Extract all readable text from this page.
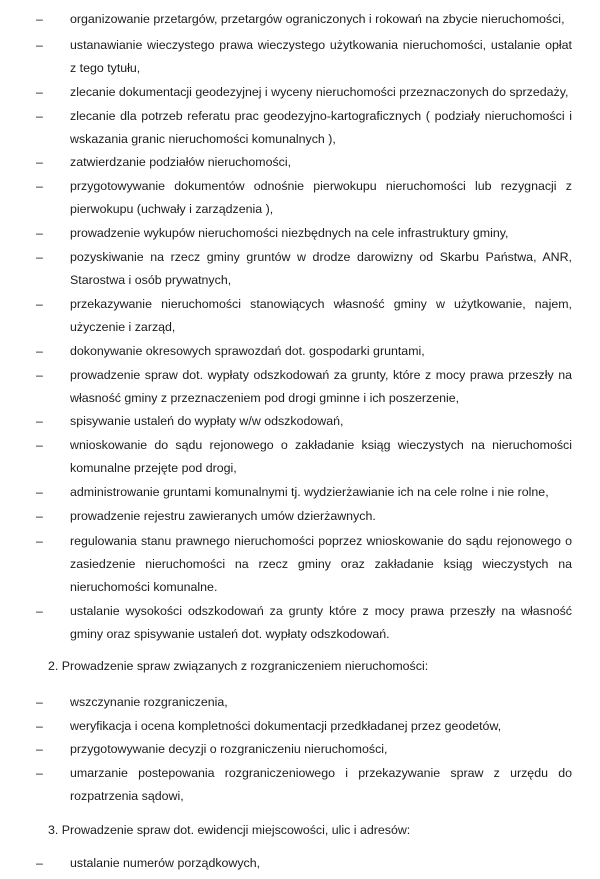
– organizowanie przetargów, przetargów ograniczonych i rokowań na zbycie nieruchomości,
– ustanawianie wieczystego prawa wieczystego użytkowania nieruchomości, ustalanie opłat z tego tytułu,
– zlecanie dokumentacji geodezyjnej i wyceny nieruchomości przeznaczonych do sprzedaży,
– zlecanie dla potrzeb referatu prac geodezyjno-kartograficznych ( podziały nieruchomości i wskazania granic nieruchomości komunalnych ),
– zatwierdzanie podziałów nieruchomości,
– przygotowywanie dokumentów odnośnie pierwokupu nieruchomości lub rezygnacji z pierwokupu (uchwały i zarządzenia ),
– prowadzenie wykupów nieruchomości niezbędnych na cele infrastruktury gminy,
– pozyskiwanie na rzecz gminy gruntów w drodze darowizny od Skarbu Państwa, ANR, Starostwa i osób prywatnych,
– przekazywanie nieruchomości stanowiących własność gminy w użytkowanie, najem, użyczenie i zarząd,
– dokonywanie okresowych sprawozdań dot. gospodarki gruntami,
– prowadzenie spraw dot. wypłaty odszkodowań za grunty, które z mocy prawa przeszły na własność gminy z przeznaczeniem pod drogi gminne i ich poszerzenie,
– spisywanie ustaleń do wypłaty w/w odszkodowań,
– wnioskowanie do sądu rejonowego o zakładanie ksiąg wieczystych na nieruchomości komunalne przejęte pod drogi,
– administrowanie gruntami komunalnymi tj. wydzierżawianie ich na cele rolne i nie rolne,
– prowadzenie rejestru zawieranych umów dzierżawnych.
– regulowania stanu prawnego nieruchomości poprzez wnioskowanie do sądu rejonowego o zasiedzenie nieruchomości na rzecz gminy oraz zakładanie ksiąg wieczystych na nieruchomości komunalne.
– ustalanie wysokości odszkodowań za grunty które z mocy prawa przeszły na własność gminy oraz spisywanie ustaleń dot. wypłaty odszkodowań.
2. Prowadzenie spraw związanych z rozgraniczeniem nieruchomości:
– wszczynanie rozgraniczenia,
– weryfikacja i ocena kompletności dokumentacji przedkładanej przez geodetów,
– przygotowywanie decyzji o rozgraniczeniu nieruchomości,
– umarzanie postepowania rozgraniczeniowego i przekazywanie spraw z urzędu do rozpatrzenia sądowi,
3. Prowadzenie spraw dot. ewidencji miejscowości, ulic i adresów:
– ustalanie numerów porządkowych,
